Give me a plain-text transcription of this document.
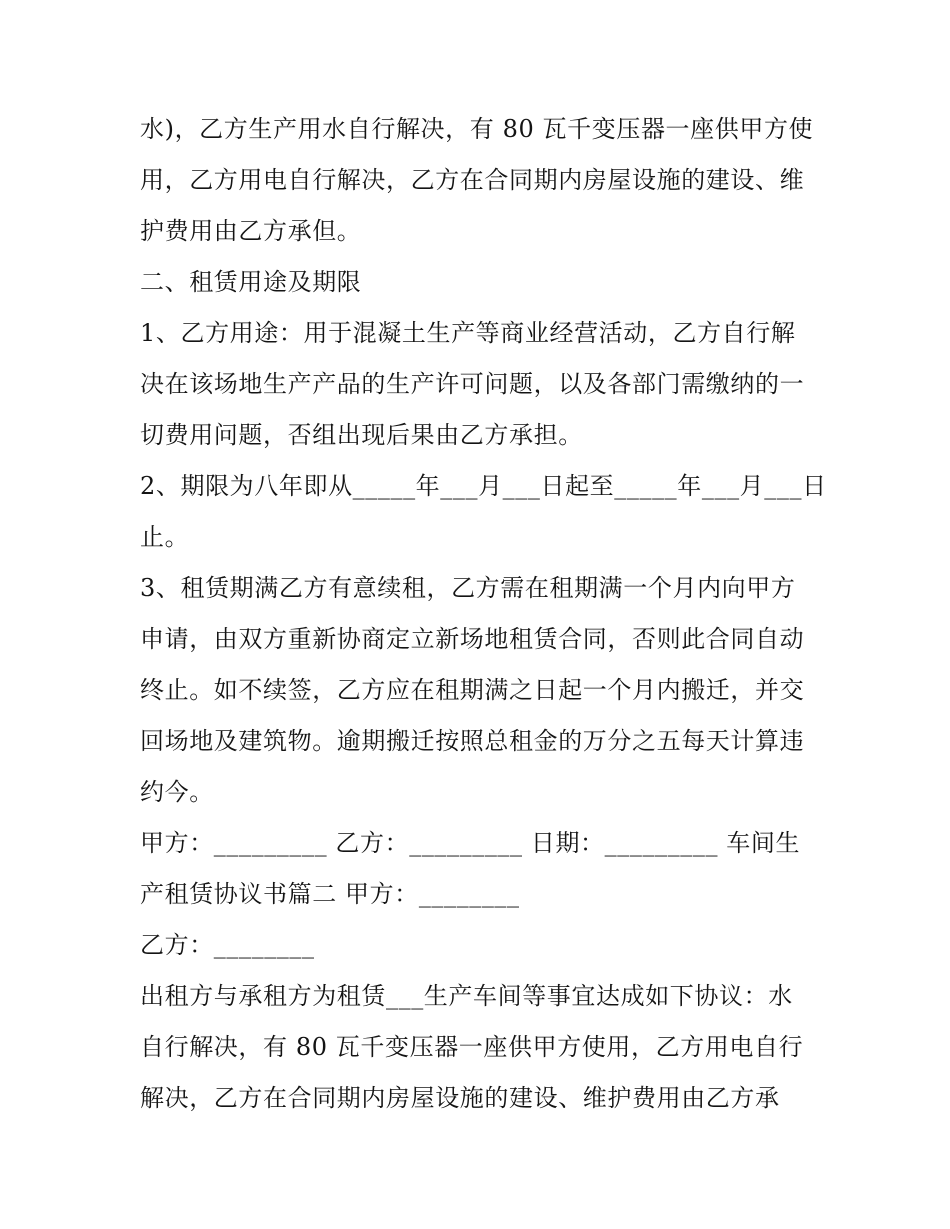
水)，乙方生产用水自行解决，有 80 瓦千变压器一座供甲方使
用，乙方用电自行解决，乙方在合同期内房屋设施的建设、维
护费用由乙方承但。
二、租赁用途及期限
1、乙方用途：用于混凝土生产等商业经营活动，乙方自行解
决在该场地生产产品的生产许可问题，以及各部门需缴纳的一
切费用问题，否组出现后果由乙方承担。
2、期限为八年即从_____年___月___日起至_____年___月___日
止。
3、租赁期满乙方有意续租，乙方需在租期满一个月内向甲方
申请，由双方重新协商定立新场地租赁合同，否则此合同自动
终止。如不续签，乙方应在租期满之日起一个月内搬迁，并交
回场地及建筑物。逾期搬迁按照总租金的万分之五每天计算违
约今。
甲方：_________ 乙方：_________ 日期：_________ 车间生
产租赁协议书篇二 甲方：________
乙方：________
出租方与承租方为租赁___生产车间等事宜达成如下协议：水
自行解决，有 80 瓦千变压器一座供甲方使用，乙方用电自行
解决，乙方在合同期内房屋设施的建设、维护费用由乙方承
